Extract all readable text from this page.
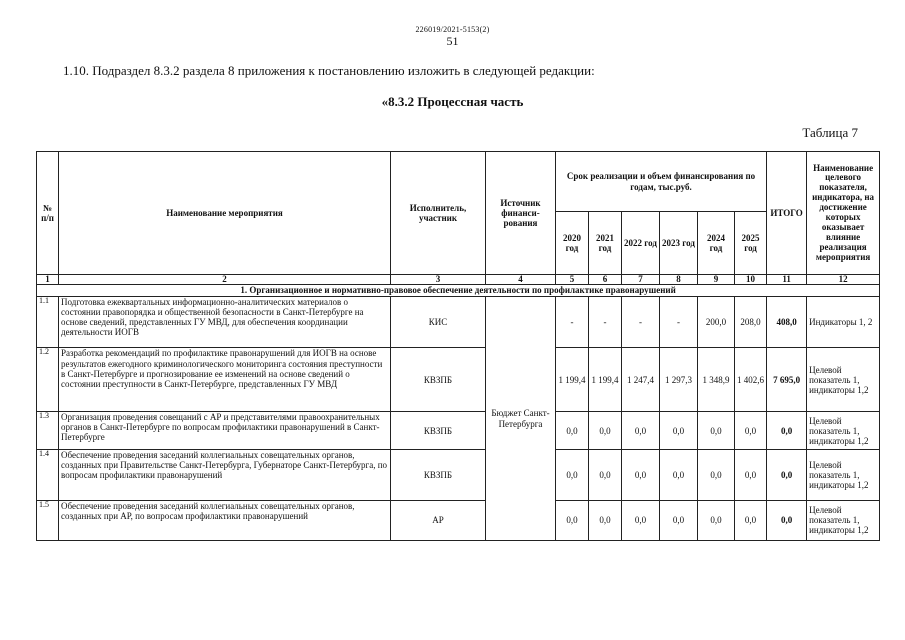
226019/2021-5153(2)
51
1.10. Подраздел 8.3.2 раздела 8 приложения к постановлению изложить в следующей редакции:
«8.3.2 Процессная часть
Таблица 7
№ п/п	Наименование мероприятия	Исполнитель, участник	Источник финанси-рования	Срок реализации и объем финансирования по годам, тыс.руб.						ИТОГО	Наименование целевого показателя, индикатора, на достижение которых оказывает влияние реализация мероприятия
				2020 год	2021 год	2022 год	2023 год	2024 год	2025 год		
1	2	3	4	5	6	7	8	9	10	11	12
1. Организационное и нормативно-правовое обеспечение деятельности по профилактике правонарушений											
1.1	Подготовка ежеквартальных информационно-аналитических материалов о состоянии правопорядка и общественной безопасности в Санкт-Петербурге на основе сведений, представленных ГУ МВД, для обеспечения координации деятельности ИОГВ	КИС	Бюджет Санкт-Петербурга	-	-	-	-	200,0	208,0	408,0	Индикаторы 1, 2
1.2	Разработка рекомендаций по профилактике правонарушений для ИОГВ на основе результатов ежегодного криминологического мониторинга состояния преступности в Санкт-Петербурге и прогнозирование ее изменений на основе сведений о состоянии преступности в Санкт-Петербурге, представленных ГУ МВД	КВЗПБ		1 199,4	1 199,4	1 247,4	1 297,3	1 348,9	1 402,6	7 695,0	Целевой показатель 1, индикаторы 1,2
1.3	Организация проведения совещаний с АР и представителями правоохранительных органов в Санкт-Петербурге по вопросам профилактики правонарушений в Санкт-Петербурге	КВЗПБ		0,0	0,0	0,0	0,0	0,0	0,0	0,0	Целевой показатель 1, индикаторы 1,2
1.4	Обеспечение проведения заседаний коллегиальных совещательных органов, созданных при Правительстве Санкт-Петербурга, Губернаторе Санкт-Петербурга, по вопросам профилактики правонарушений	КВЗПБ		0,0	0,0	0,0	0,0	0,0	0,0	0,0	Целевой показатель 1, индикаторы 1,2
1.5	Обеспечение проведения заседаний коллегиальных совещательных органов, созданных при АР, по вопросам профилактики правонарушений	АР		0,0	0,0	0,0	0,0	0,0	0,0	0,0	Целевой показатель 1, индикаторы 1,2
